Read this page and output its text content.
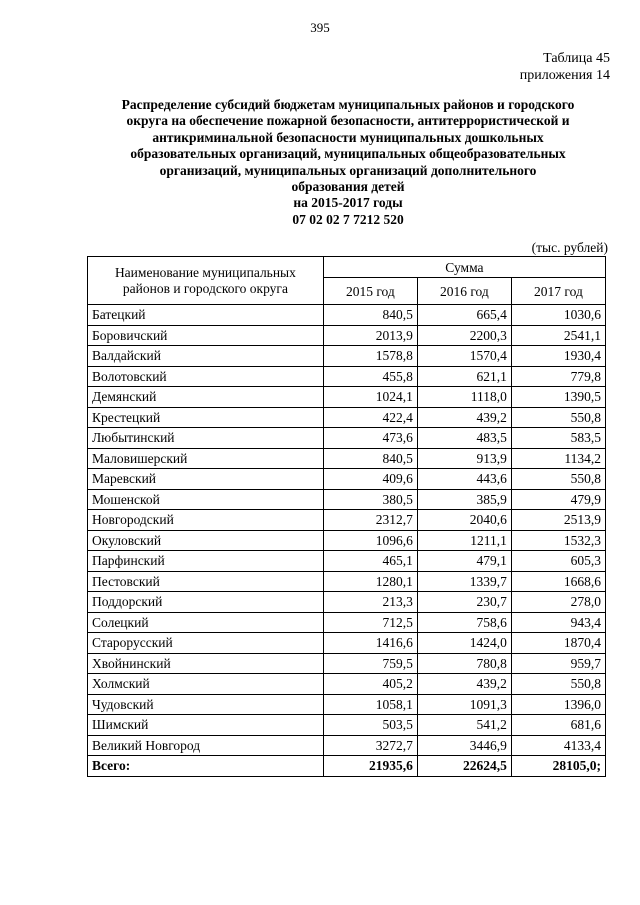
395
Таблица 45
приложения 14
Распределение субсидий бюджетам муниципальных районов и городского
округа на обеспечение пожарной безопасности, антитеррористической и
антикриминальной безопасности муниципальных дошкольных
образовательных организаций, муниципальных общеобразовательных
организаций, муниципальных организаций дополнительного
образования детей
на 2015-2017 годы
07 02 02 7 7212 520
(тыс. рублей)
Наименование муниципальных районов и городского округа	Сумма		
	2015 год	2016 год	2017 год
Батецкий	840,5	665,4	1030,6
Боровичский	2013,9	2200,3	2541,1
Валдайский	1578,8	1570,4	1930,4
Волотовский	455,8	621,1	779,8
Демянский	1024,1	1118,0	1390,5
Крестецкий	422,4	439,2	550,8
Любытинский	473,6	483,5	583,5
Маловишерский	840,5	913,9	1134,2
Маревский	409,6	443,6	550,8
Мошенской	380,5	385,9	479,9
Новгородский	2312,7	2040,6	2513,9
Окуловский	1096,6	1211,1	1532,3
Парфинский	465,1	479,1	605,3
Пестовский	1280,1	1339,7	1668,6
Поддорский	213,3	230,7	278,0
Солецкий	712,5	758,6	943,4
Старорусский	1416,6	1424,0	1870,4
Хвойнинский	759,5	780,8	959,7
Холмский	405,2	439,2	550,8
Чудовский	1058,1	1091,3	1396,0
Шимский	503,5	541,2	681,6
Великий Новгород	3272,7	3446,9	4133,4
Всего:	21935,6	22624,5	28105,0;
